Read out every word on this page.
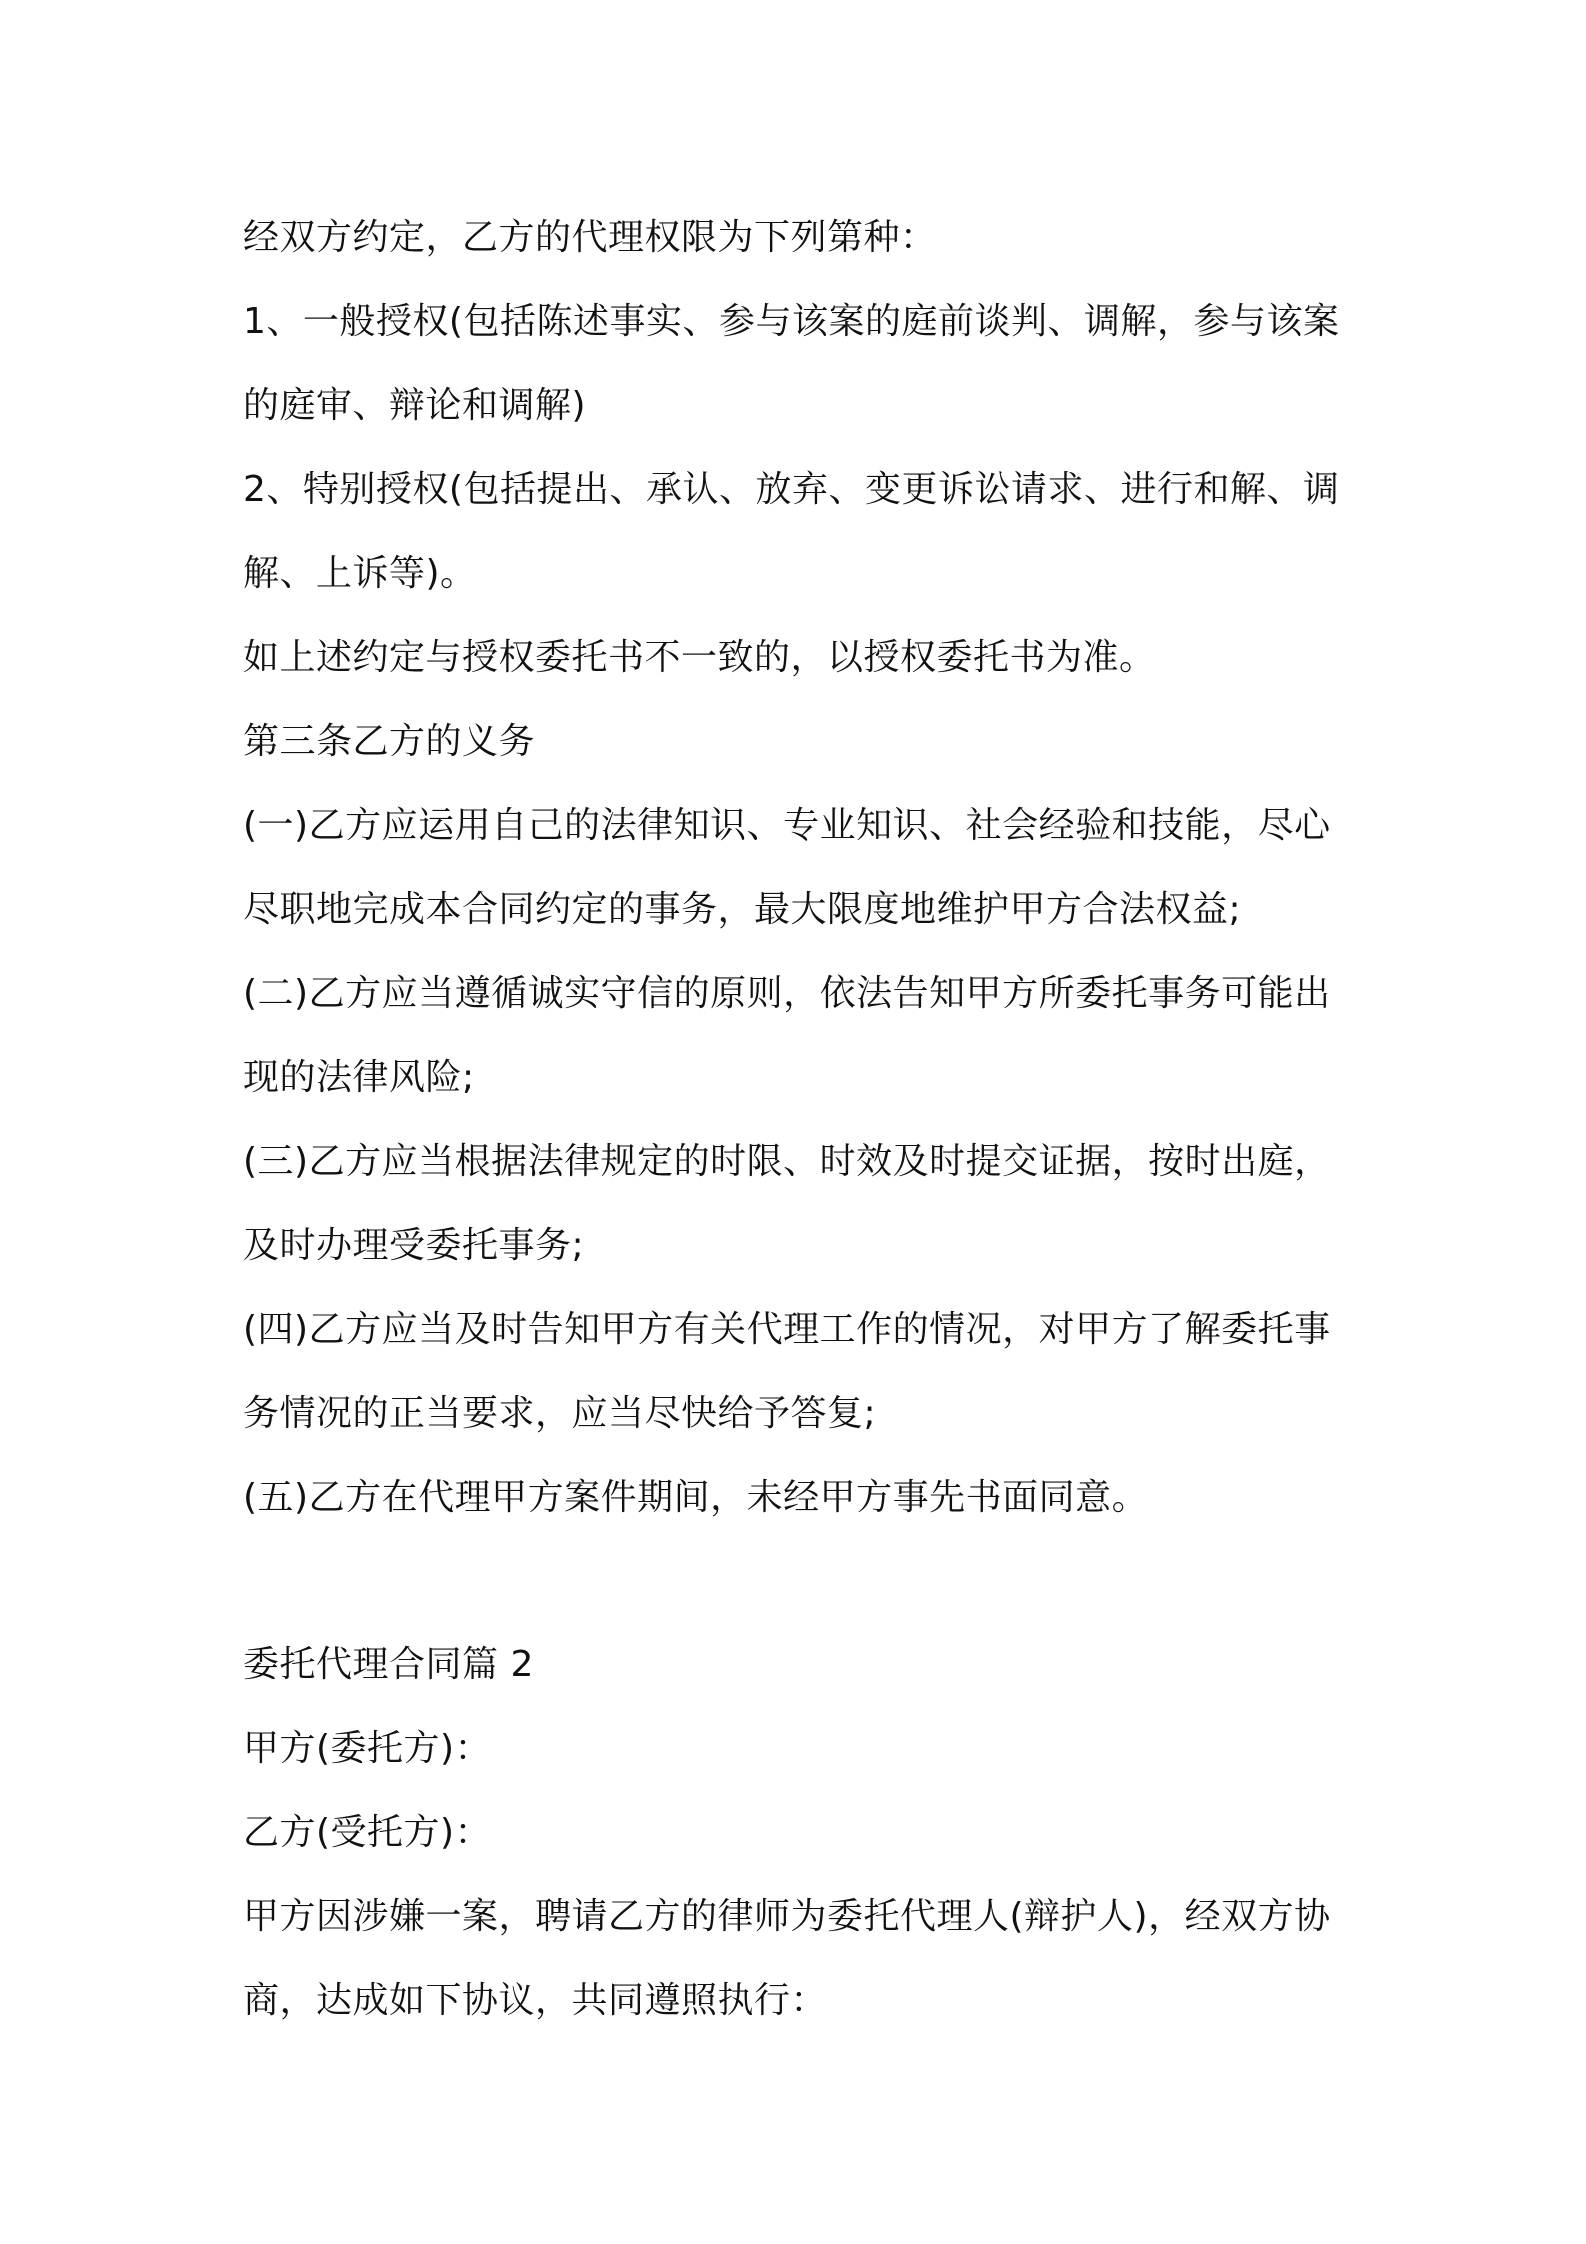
经双方约定，乙方的代理权限为下列第种：
1、一般授权(包括陈述事实、参与该案的庭前谈判、调解，参与该案
的庭审、辩论和调解)
2、特别授权(包括提出、承认、放弃、变更诉讼请求、进行和解、调
解、上诉等)。
如上述约定与授权委托书不一致的，以授权委托书为准。
第三条乙方的义务
(一)乙方应运用自己的法律知识、专业知识、社会经验和技能，尽心
尽职地完成本合同约定的事务，最大限度地维护甲方合法权益;
(二)乙方应当遵循诚实守信的原则，依法告知甲方所委托事务可能出
现的法律风险;
(三)乙方应当根据法律规定的时限、时效及时提交证据，按时出庭，
及时办理受委托事务;
(四)乙方应当及时告知甲方有关代理工作的情况，对甲方了解委托事
务情况的正当要求，应当尽快给予答复;
(五)乙方在代理甲方案件期间，未经甲方事先书面同意。
委托代理合同篇 2
甲方(委托方)：
乙方(受托方)：
甲方因涉嫌一案，聘请乙方的律师为委托代理人(辩护人)，经双方协
商，达成如下协议，共同遵照执行：
